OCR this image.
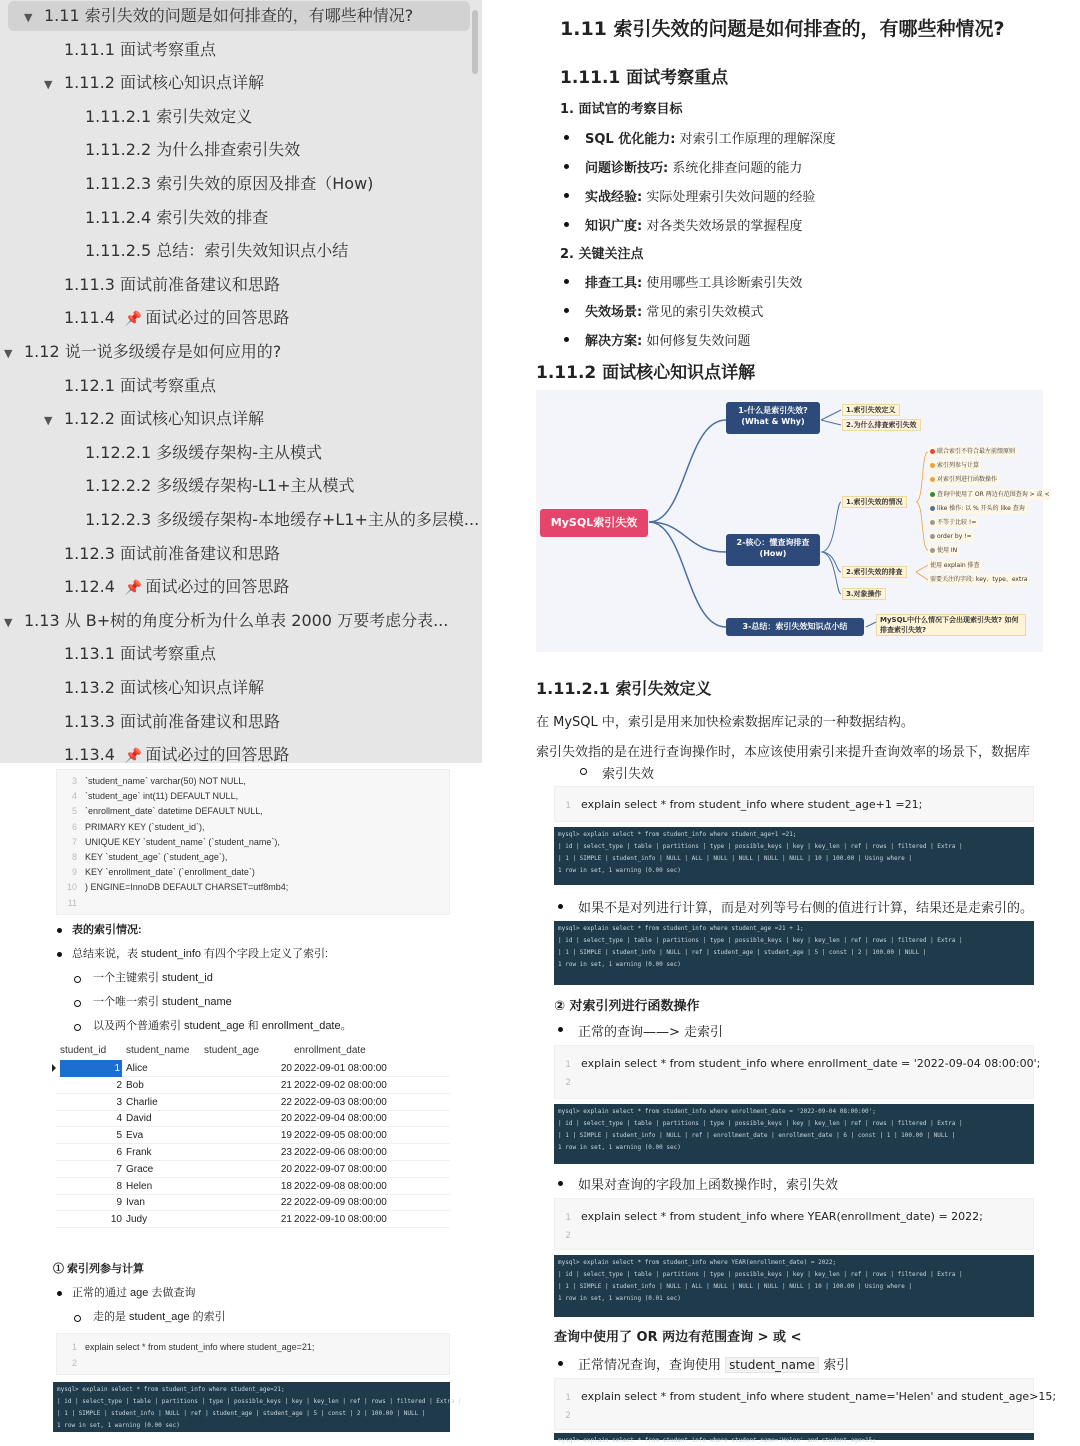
▼ 1.11 索引失效的问题是如何排查的，有哪些种情况?
1.11.1 面试考察重点
▼ 1.11.2 面试核心知识点详解
1.11.2.1 索引失效定义
1.11.2.2 为什么排查索引失效
1.11.2.3 索引失效的原因及排查（How)
1.11.2.4 索引失效的排查
1.11.2.5 总结：索引失效知识点小结
1.11.3 面试前准备建议和思路
1.11.4 📌 面试必过的回答思路
▼ 1.12 说一说多级缓存是如何应用的?
1.12.1 面试考察重点
▼ 1.12.2 面试核心知识点详解
1.12.2.1 多级缓存架构-主从模式
1.12.2.2 多级缓存架构-L1+主从模式
1.12.2.3 多级缓存架构-本地缓存+L1+主从的多层模...
1.12.3 面试前准备建议和思路
1.12.4 📌 面试必过的回答思路
▼ 1.13 从 B+树的角度分析为什么单表 2000 万要考虑分表...
1.13.1 面试考察重点
1.13.2 面试核心知识点详解
1.13.3 面试前准备建议和思路
1.13.4 📌 面试必过的回答思路
3 `student_name` varchar(50) NOT NULL,
4 `student_age` int(11) DEFAULT NULL,
5 `enrollment_date` datetime DEFAULT NULL,
6 PRIMARY KEY (`student_id`),
7 UNIQUE KEY `student_name` (`student_name`),
8 KEY `student_age` (`student_age`),
9 KEY `enrollment_date` (`enrollment_date`)
10 ) ENGINE=InnoDB DEFAULT CHARSET=utf8mb4;
11
表的索引情况:
总结来说，表 student_info 有四个字段上定义了索引:
一个主键索引 student_id
一个唯一索引 student_name
以及两个普通索引 student_age 和 enrollment_date。
student_id student_name student_age	enrollment_date
1 Alice	20 2022-09-01 08:00:00
2 Bob	21 2022-09-02 08:00:00
3 Charlie	22 2022-09-03 08:00:00
4 David	20 2022-09-04 08:00:00
5 Eva	19 2022-09-05 08:00:00
6 Frank	23 2022-09-06 08:00:00
7 Grace	20 2022-09-07 08:00:00
8 Helen	18 2022-09-08 08:00:00
9 Ivan	22 2022-09-09 08:00:00
10 Judy	21 2022-09-10 08:00:00
① 索引列参与计算
正常的通过 age 去做查询
走的是 student_age 的索引
1 explain select * from student_info where student_age=21;
2
mysql> explain select * from student_info where student_age=21;
| id | select_type | table | partitions | type | possible_keys | key | key_len | ref | rows | filtered | Extra |
| 1 | SIMPLE | student_info | NULL | ref | student_age | student_age | 5 | const | 2 | 100.00 | NULL |
1 row in set, 1 warning (0.00 sec)
1.11 索引失效的问题是如何排查的，有哪些种情况?
1.11.1 面试考察重点
1. 面试官的考察目标
SQL 优化能力: 对索引工作原理的理解深度
问题诊断技巧: 系统化排查问题的能力
实战经验: 实际处理索引失效问题的经验
知识广度: 对各类失效场景的掌握程度
2. 关键关注点
排查工具: 使用哪些工具诊断索引失效
失效场景: 常见的索引失效模式
解决方案: 如何修复失效问题
1.11.2 面试核心知识点详解
MySQL索引失效
1-什么是索引失效?
(What & Why)
1.索引失效定义
2.为什么排查索引失效
2-核心：懂查询排查
(How)
1.索引失效的情况
2.索引失效的排查
3.对象操作
联合索引不符合最左前缀原则
索引列参与计算
对索引列进行函数操作
查询中使用了 OR 两边有范围查询 > 或 <
like 操作: 以 % 开头的 like 查询
不等于比较 !=
order by !=
使用 IN
使用 explain 排查
需要关注的字段: key、type、extra
3-总结：索引失效知识点小结
MySQL中什么情况下会出现索引失效? 如何排查索引失效?
1.11.2.1 索引失效定义
在 MySQL 中，索引是用来加快检索数据库记录的一种数据结构。
索引失效指的是在进行查询操作时，本应该使用索引来提升查询效率的场景下，数据库
索引失效
1 explain select * from student_info where student_age+1 =21;
mysql> explain select * from student_info where student_age+1 =21;
| id | select_type | table | partitions | type | possible_keys | key | key_len | ref | rows | filtered | Extra |
| 1 | SIMPLE | student_info | NULL | ALL | NULL | NULL | NULL | NULL | 10 | 100.00 | Using where |
1 row in set, 1 warning (0.00 sec)
如果不是对列进行计算，而是对列等号右侧的值进行计算，结果还是走索引的。
mysql> explain select * from student_info where student_age =21 + 1;
| id | select_type | table | partitions | type | possible_keys | key | key_len | ref | rows | filtered | Extra |
| 1 | SIMPLE | student_info | NULL | ref | student_age | student_age | 5 | const | 2 | 100.00 | NULL |
1 row in set, 1 warning (0.00 sec)
② 对索引列进行函数操作
正常的查询——> 走索引
1 explain select * from student_info where enrollment_date = '2022-09-04 08:00:00';
2
mysql> explain select * from student_info where enrollment_date = '2022-09-04 08:00:00';
| id | select_type | table | partitions | type | possible_keys | key | key_len | ref | rows | filtered | Extra |
| 1 | SIMPLE | student_info | NULL | ref | enrollment_date | enrollment_date | 6 | const | 1 | 100.00 | NULL |
1 row in set, 1 warning (0.00 sec)
如果对查询的字段加上函数操作时，索引失效
1 explain select * from student_info where YEAR(enrollment_date) = 2022;
2
mysql> explain select * from student_info where YEAR(enrollment_date) = 2022;
| id | select_type | table | partitions | type | possible_keys | key | key_len | ref | rows | filtered | Extra |
| 1 | SIMPLE | student_info | NULL | ALL | NULL | NULL | NULL | NULL | 10 | 100.00 | Using where |
1 row in set, 1 warning (0.01 sec)
查询中使用了 OR 两边有范围查询 > 或 <
正常情况查询，查询使用 student_name 索引
1 explain select * from student_info where student_name='Helen' and student_age>15;
2
mysql> explain select * from student_info where student_name='Helen' and student_age>15;
